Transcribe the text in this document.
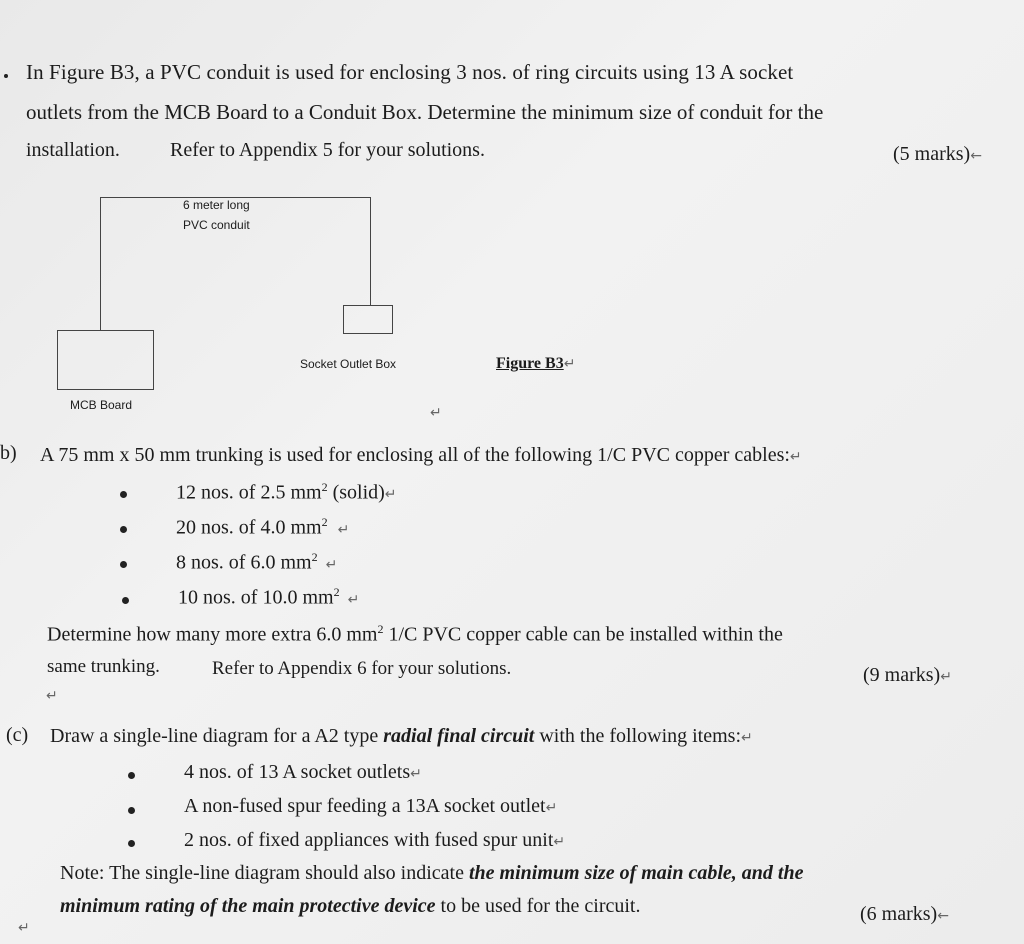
In Figure B3, a PVC conduit is used for enclosing 3 nos. of ring circuits using 13 A socket
outlets from the MCB Board to a Conduit Box. Determine the minimum size of conduit for the
installation.	Refer to Appendix 5 for your solutions.	(5 marks)←
6 meter long
PVC conduit
Socket Outlet Box
MCB Board
Figure B3↵
↵
b) A 75 mm x 50 mm trunking is used for enclosing all of the following 1/C PVC copper cables:↵
12 nos. of 2.5 $mm^2$ (solid)↵
20 nos. of 4.0 $mm^2$ ↵
8 nos. of 6.0 $mm^2$ ↵
10 nos. of 10.0 $mm^2$ ↵
Determine how many more extra 6.0 $mm^2$ 1/C PVC copper cable can be installed within the
same trunking.	Refer to Appendix 6 for your solutions.	(9 marks)↵
↵
(c) Draw a single-line diagram for a A2 type radial final circuit with the following items:↵
4 nos. of 13 A socket outlets↵
A non-fused spur feeding a 13A socket outlet↵
2 nos. of fixed appliances with fused spur unit↵
Note: The single-line diagram should also indicate the minimum size of main cable, and the
minimum rating of the main protective device to be used for the circuit.	(6 marks)←
↵
